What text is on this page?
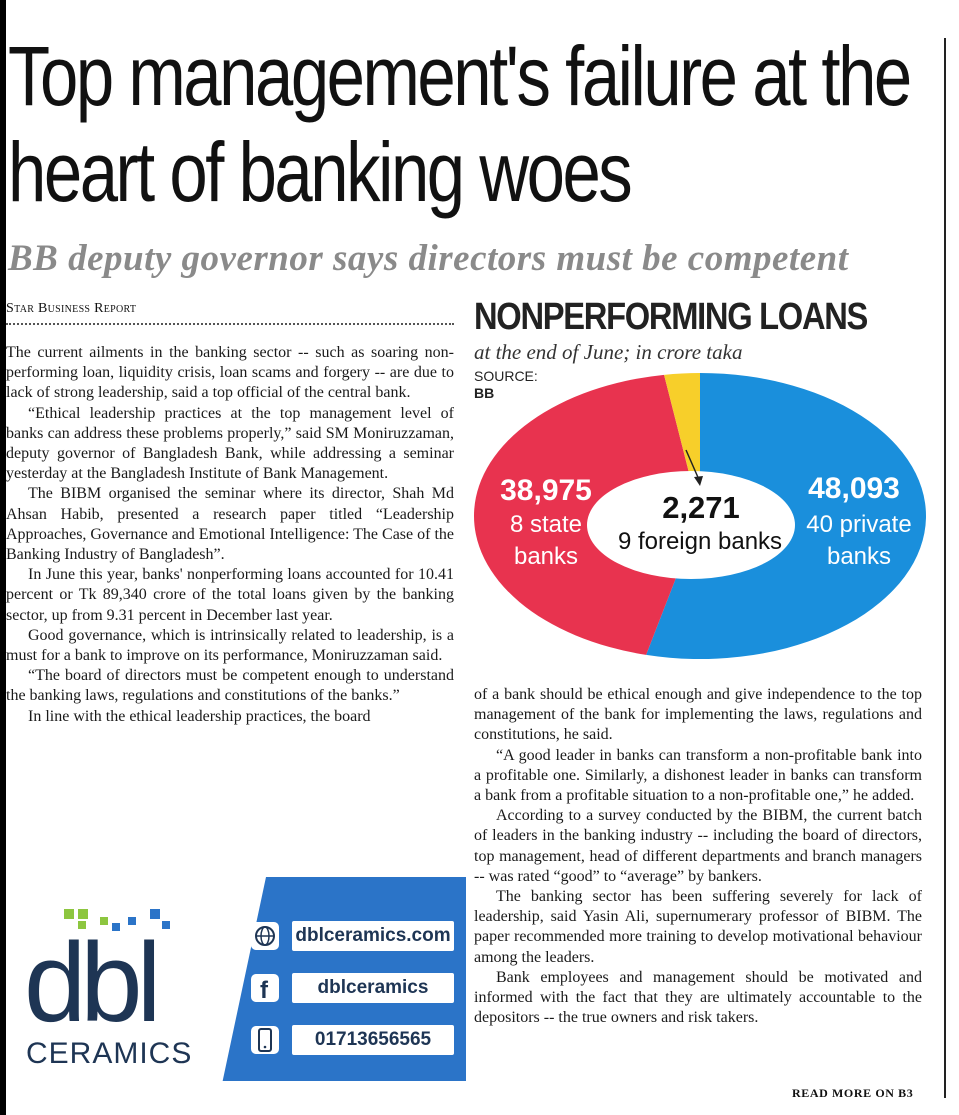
Top management's failure at the heart of banking woes
BB deputy governor says directors must be competent
Star Business Report

The current ailments in the banking sector -- such as soaring non-performing loan, liquidity crisis, loan scams and forgery -- are due to lack of strong leadership, said a top official of the central bank.

“Ethical leadership practices at the top management level of banks can address these problems properly,” said SM Moniruzzaman, deputy governor of Bangladesh Bank, while addressing a seminar yesterday at the Bangladesh Institute of Bank Management.

The BIBM organised the seminar where its director, Shah Md Ahsan Habib, presented a research paper titled “Leadership Approaches, Governance and Emotional Intelligence: The Case of the Banking Industry of Bangladesh”.

In June this year, banks' nonperforming loans accounted for 10.41 percent or Tk 89,340 crore of the total loans given by the banking sector, up from 9.31 percent in December last year.

Good governance, which is intrinsically related to leadership, is a must for a bank to improve on its performance, Moniruzzaman said.

“The board of directors must be competent enough to understand the banking laws, regulations and constitutions of the banks.”

In line with the ethical leadership practices, the board

NONPERFORMING LOANS
at the end of June; in crore taka
SOURCE:
BB
48,093
40 private
banks
38,975
8 state
banks
2,271
9 foreign banks

of a bank should be ethical enough and give independence to the top management of the bank for implementing the laws, regulations and constitutions, he said.

“A good leader in banks can transform a non-profitable bank into a profitable one. Similarly, a dishonest leader in banks can transform a bank from a profitable situation to a non-profitable one,” he added.

According to a survey conducted by the BIBM, the current batch of leaders in the banking industry -- including the board of directors, top management, head of different departments and branch managers -- was rated “good” to “average” by bankers.

The banking sector has been suffering severely for lack of leadership, said Yasin Ali, supernumerary professor of BIBM. The paper recommended more training to develop motivational behaviour among the leaders.

Bank employees and management should be motivated and informed with the fact that they are ultimately accountable to the depositors -- the true owners and risk takers.

READ MORE ON B3
dbl
CERAMICS
dblceramics.com
f	dblceramics
01713656565
